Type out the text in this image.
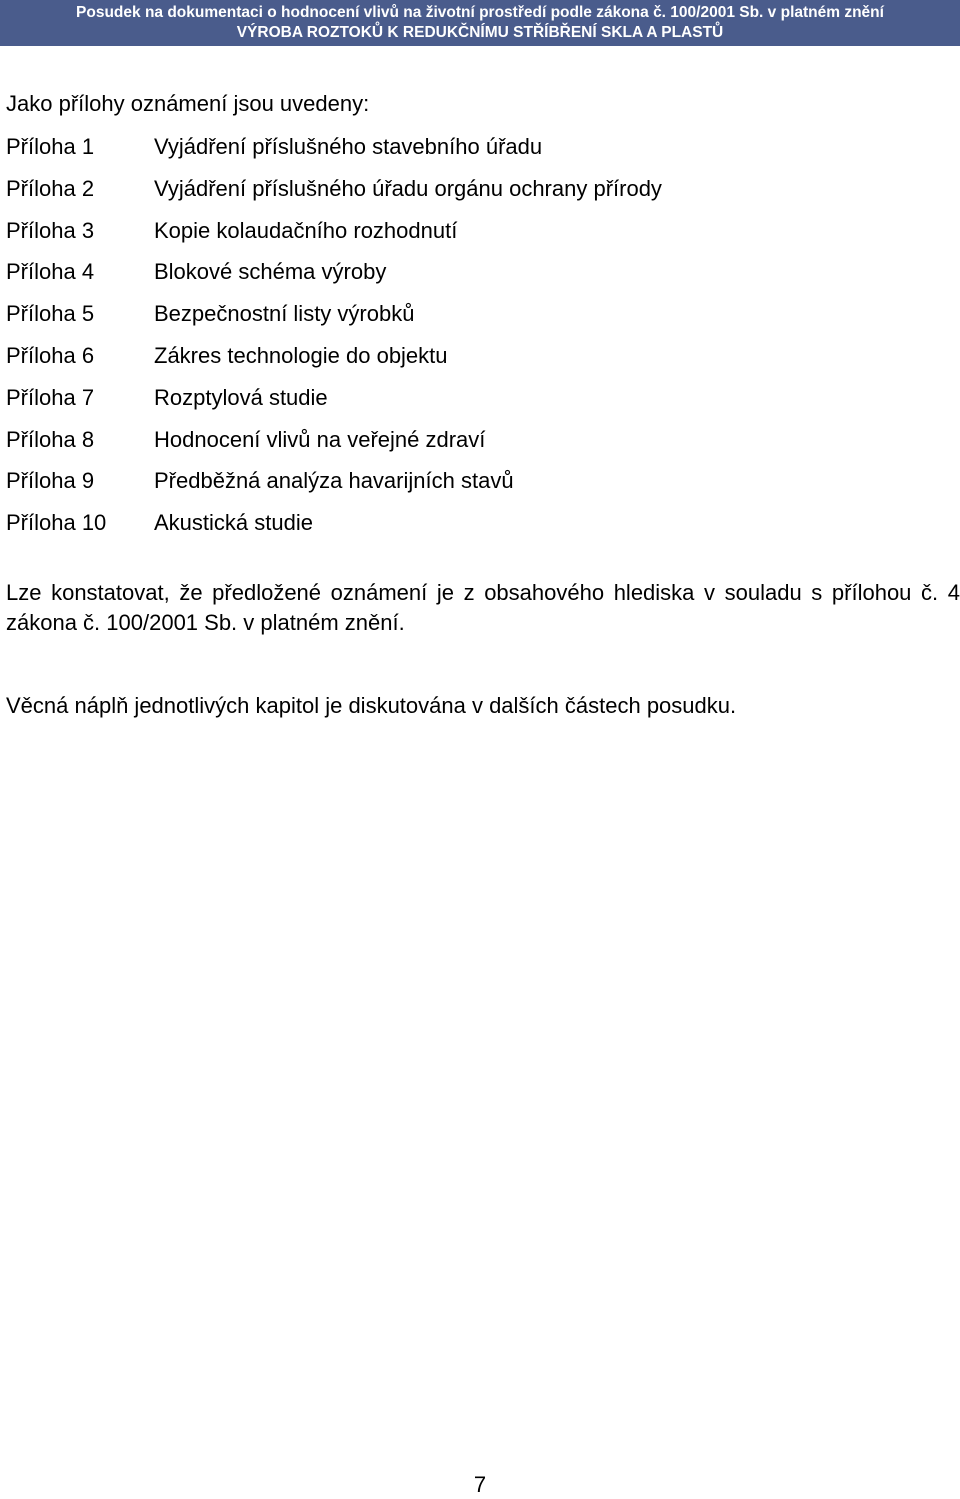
Posudek na dokumentaci o hodnocení vlivů na životní prostředí podle zákona č. 100/2001 Sb. v platném znění
VÝROBA ROZTOKŮ K REDUKČNÍMU STŘÍBŘENÍ SKLA A PLASTŮ
Jako přílohy oznámení jsou uvedeny:
Příloha 1	Vyjádření příslušného stavebního úřadu
Příloha 2	Vyjádření příslušného úřadu orgánu ochrany přírody
Příloha 3	Kopie kolaudačního rozhodnutí
Příloha 4	Blokové schéma výroby
Příloha 5	Bezpečnostní listy výrobků
Příloha 6	Zákres technologie do objektu
Příloha 7	Rozptylová studie
Příloha 8	Hodnocení vlivů na veřejné zdraví
Příloha 9	Předběžná analýza havarijních stavů
Příloha 10 Akustická studie
Lze konstatovat, že předložené oznámení je z obsahového hlediska v souladu s přílohou č. 4 zákona č. 100/2001 Sb. v platném znění.
Věcná náplň jednotlivých kapitol je diskutována v dalších částech posudku.
7
